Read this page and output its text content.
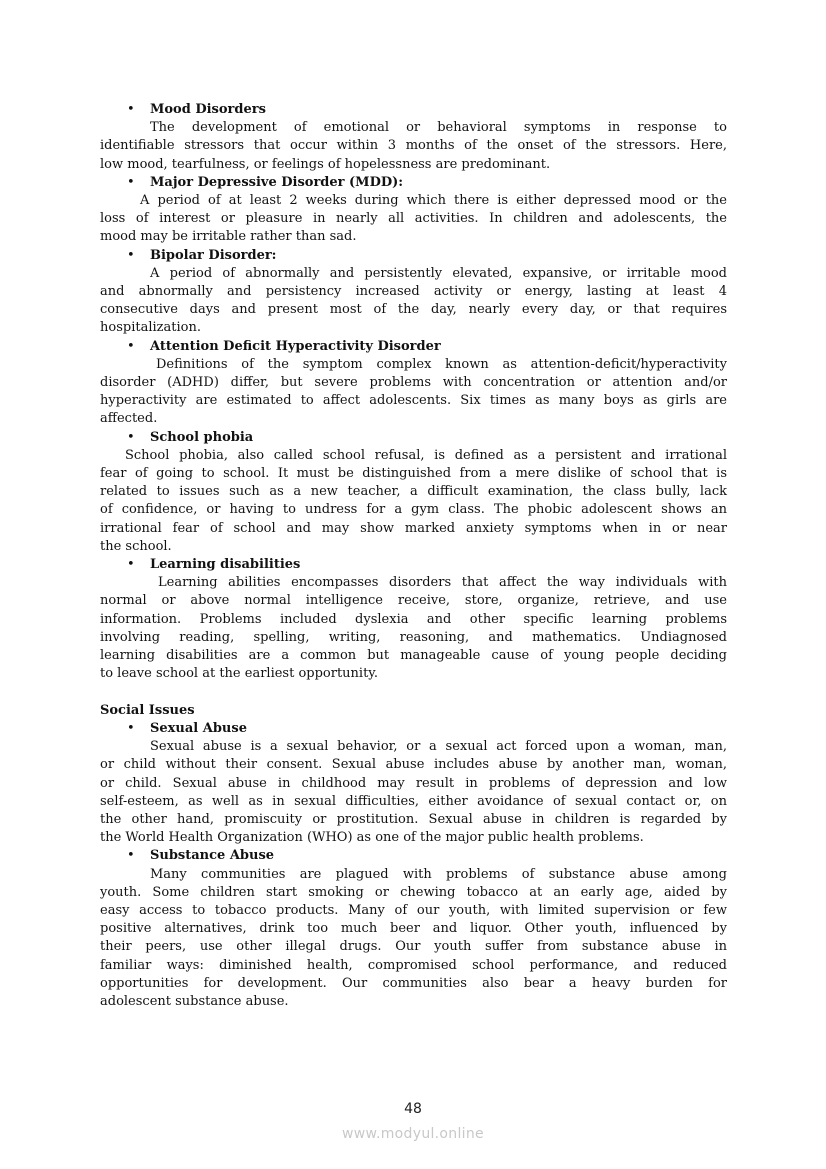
• Mood Disorders
The development of emotional or behavioral symptoms in response to
identifiable stressors that occur within 3 months of the onset of the stressors. Here,
low mood, tearfulness, or feelings of hopelessness are predominant.
• Major Depressive Disorder (MDD):
A period of at least 2 weeks during which there is either depressed mood or the
loss of interest or pleasure in nearly all activities. In children and adolescents, the
mood may be irritable rather than sad.
• Bipolar Disorder:
A period of abnormally and persistently elevated, expansive, or irritable mood
and abnormally and persistency increased activity or energy, lasting at least 4
consecutive days and present most of the day, nearly every day, or that requires
hospitalization.
• Attention Deficit Hyperactivity Disorder
Definitions of the symptom complex known as attention-deficit/hyperactivity
disorder (ADHD) differ, but severe problems with concentration or attention and/or
hyperactivity are estimated to affect adolescents. Six times as many boys as girls are
affected.
• School phobia
School phobia, also called school refusal, is defined as a persistent and irrational
fear of going to school. It must be distinguished from a mere dislike of school that is
related to issues such as a new teacher, a difficult examination, the class bully, lack
of confidence, or having to undress for a gym class. The phobic adolescent shows an
irrational fear of school and may show marked anxiety symptoms when in or near
the school.
• Learning disabilities
Learning abilities encompasses disorders that affect the way individuals with
normal or above normal intelligence receive, store, organize, retrieve, and use
information. Problems included dyslexia and other specific learning problems
involving reading, spelling, writing, reasoning, and mathematics. Undiagnosed
learning disabilities are a common but manageable cause of young people deciding
to leave school at the earliest opportunity.
Social Issues
• Sexual Abuse
Sexual abuse is a sexual behavior, or a sexual act forced upon a woman, man,
or child without their consent. Sexual abuse includes abuse by another man, woman,
or child. Sexual abuse in childhood may result in problems of depression and low
self-esteem, as well as in sexual difficulties, either avoidance of sexual contact or, on
the other hand, promiscuity or prostitution. Sexual abuse in children is regarded by
the World Health Organization (WHO) as one of the major public health problems.
• Substance Abuse
Many communities are plagued with problems of substance abuse among
youth. Some children start smoking or chewing tobacco at an early age, aided by
easy access to tobacco products. Many of our youth, with limited supervision or few
positive alternatives, drink too much beer and liquor. Other youth, influenced by
their peers, use other illegal drugs. Our youth suffer from substance abuse in
familiar ways: diminished health, compromised school performance, and reduced
opportunities for development. Our communities also bear a heavy burden for
adolescent substance abuse.
48
www.modyul.online
